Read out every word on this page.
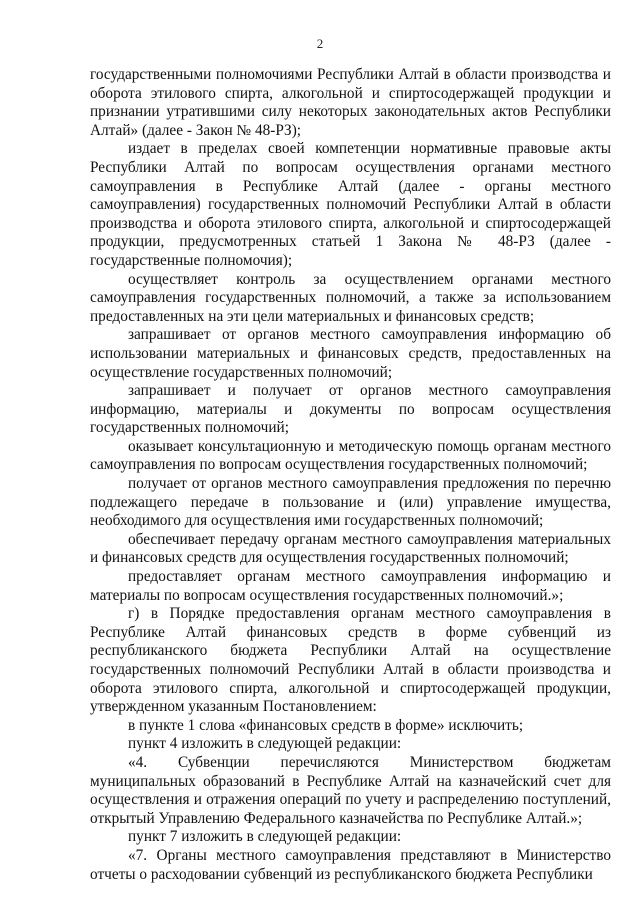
2

государственными полномочиями Республики Алтай в области производства и оборота этилового спирта, алкогольной и спиртосодержащей продукции и признании утратившими силу некоторых законодательных актов Республики Алтай» (далее - Закон № 48-РЗ);

издает в пределах своей компетенции нормативные правовые акты Республики Алтай по вопросам осуществления органами местного самоуправления в Республике Алтай (далее - органы местного самоуправления) государственных полномочий Республики Алтай в области производства и оборота этилового спирта, алкогольной и спиртосодержащей продукции, предусмотренных статьей 1 Закона № 48-РЗ (далее - государственные полномочия);

осуществляет контроль за осуществлением органами местного самоуправления государственных полномочий, а также за использованием предоставленных на эти цели материальных и финансовых средств;

запрашивает от органов местного самоуправления информацию об использовании материальных и финансовых средств, предоставленных на осуществление государственных полномочий;

запрашивает и получает от органов местного самоуправления информацию, материалы и документы по вопросам осуществления государственных полномочий;

оказывает консультационную и методическую помощь органам местного самоуправления по вопросам осуществления государственных полномочий;

получает от органов местного самоуправления предложения по перечню подлежащего передаче в пользование и (или) управление имущества, необходимого для осуществления ими государственных полномочий;

обеспечивает передачу органам местного самоуправления материальных и финансовых средств для осуществления государственных полномочий;

предоставляет органам местного самоуправления информацию и материалы по вопросам осуществления государственных полномочий.»;

г) в Порядке предоставления органам местного самоуправления в Республике Алтай финансовых средств в форме субвенций из республиканского бюджета Республики Алтай на осуществление государственных полномочий Республики Алтай в области производства и оборота этилового спирта, алкогольной и спиртосодержащей продукции, утвержденном указанным Постановлением:

в пункте 1 слова «финансовых средств в форме» исключить;

пункт 4 изложить в следующей редакции:

«4. Субвенции перечисляются Министерством бюджетам муниципальных образований в Республике Алтай на казначейский счет для осуществления и отражения операций по учету и распределению поступлений, открытый Управлению Федерального казначейства по Республике Алтай.»;

пункт 7 изложить в следующей редакции:

«7. Органы местного самоуправления представляют в Министерство отчеты о расходовании субвенций из республиканского бюджета Республики
